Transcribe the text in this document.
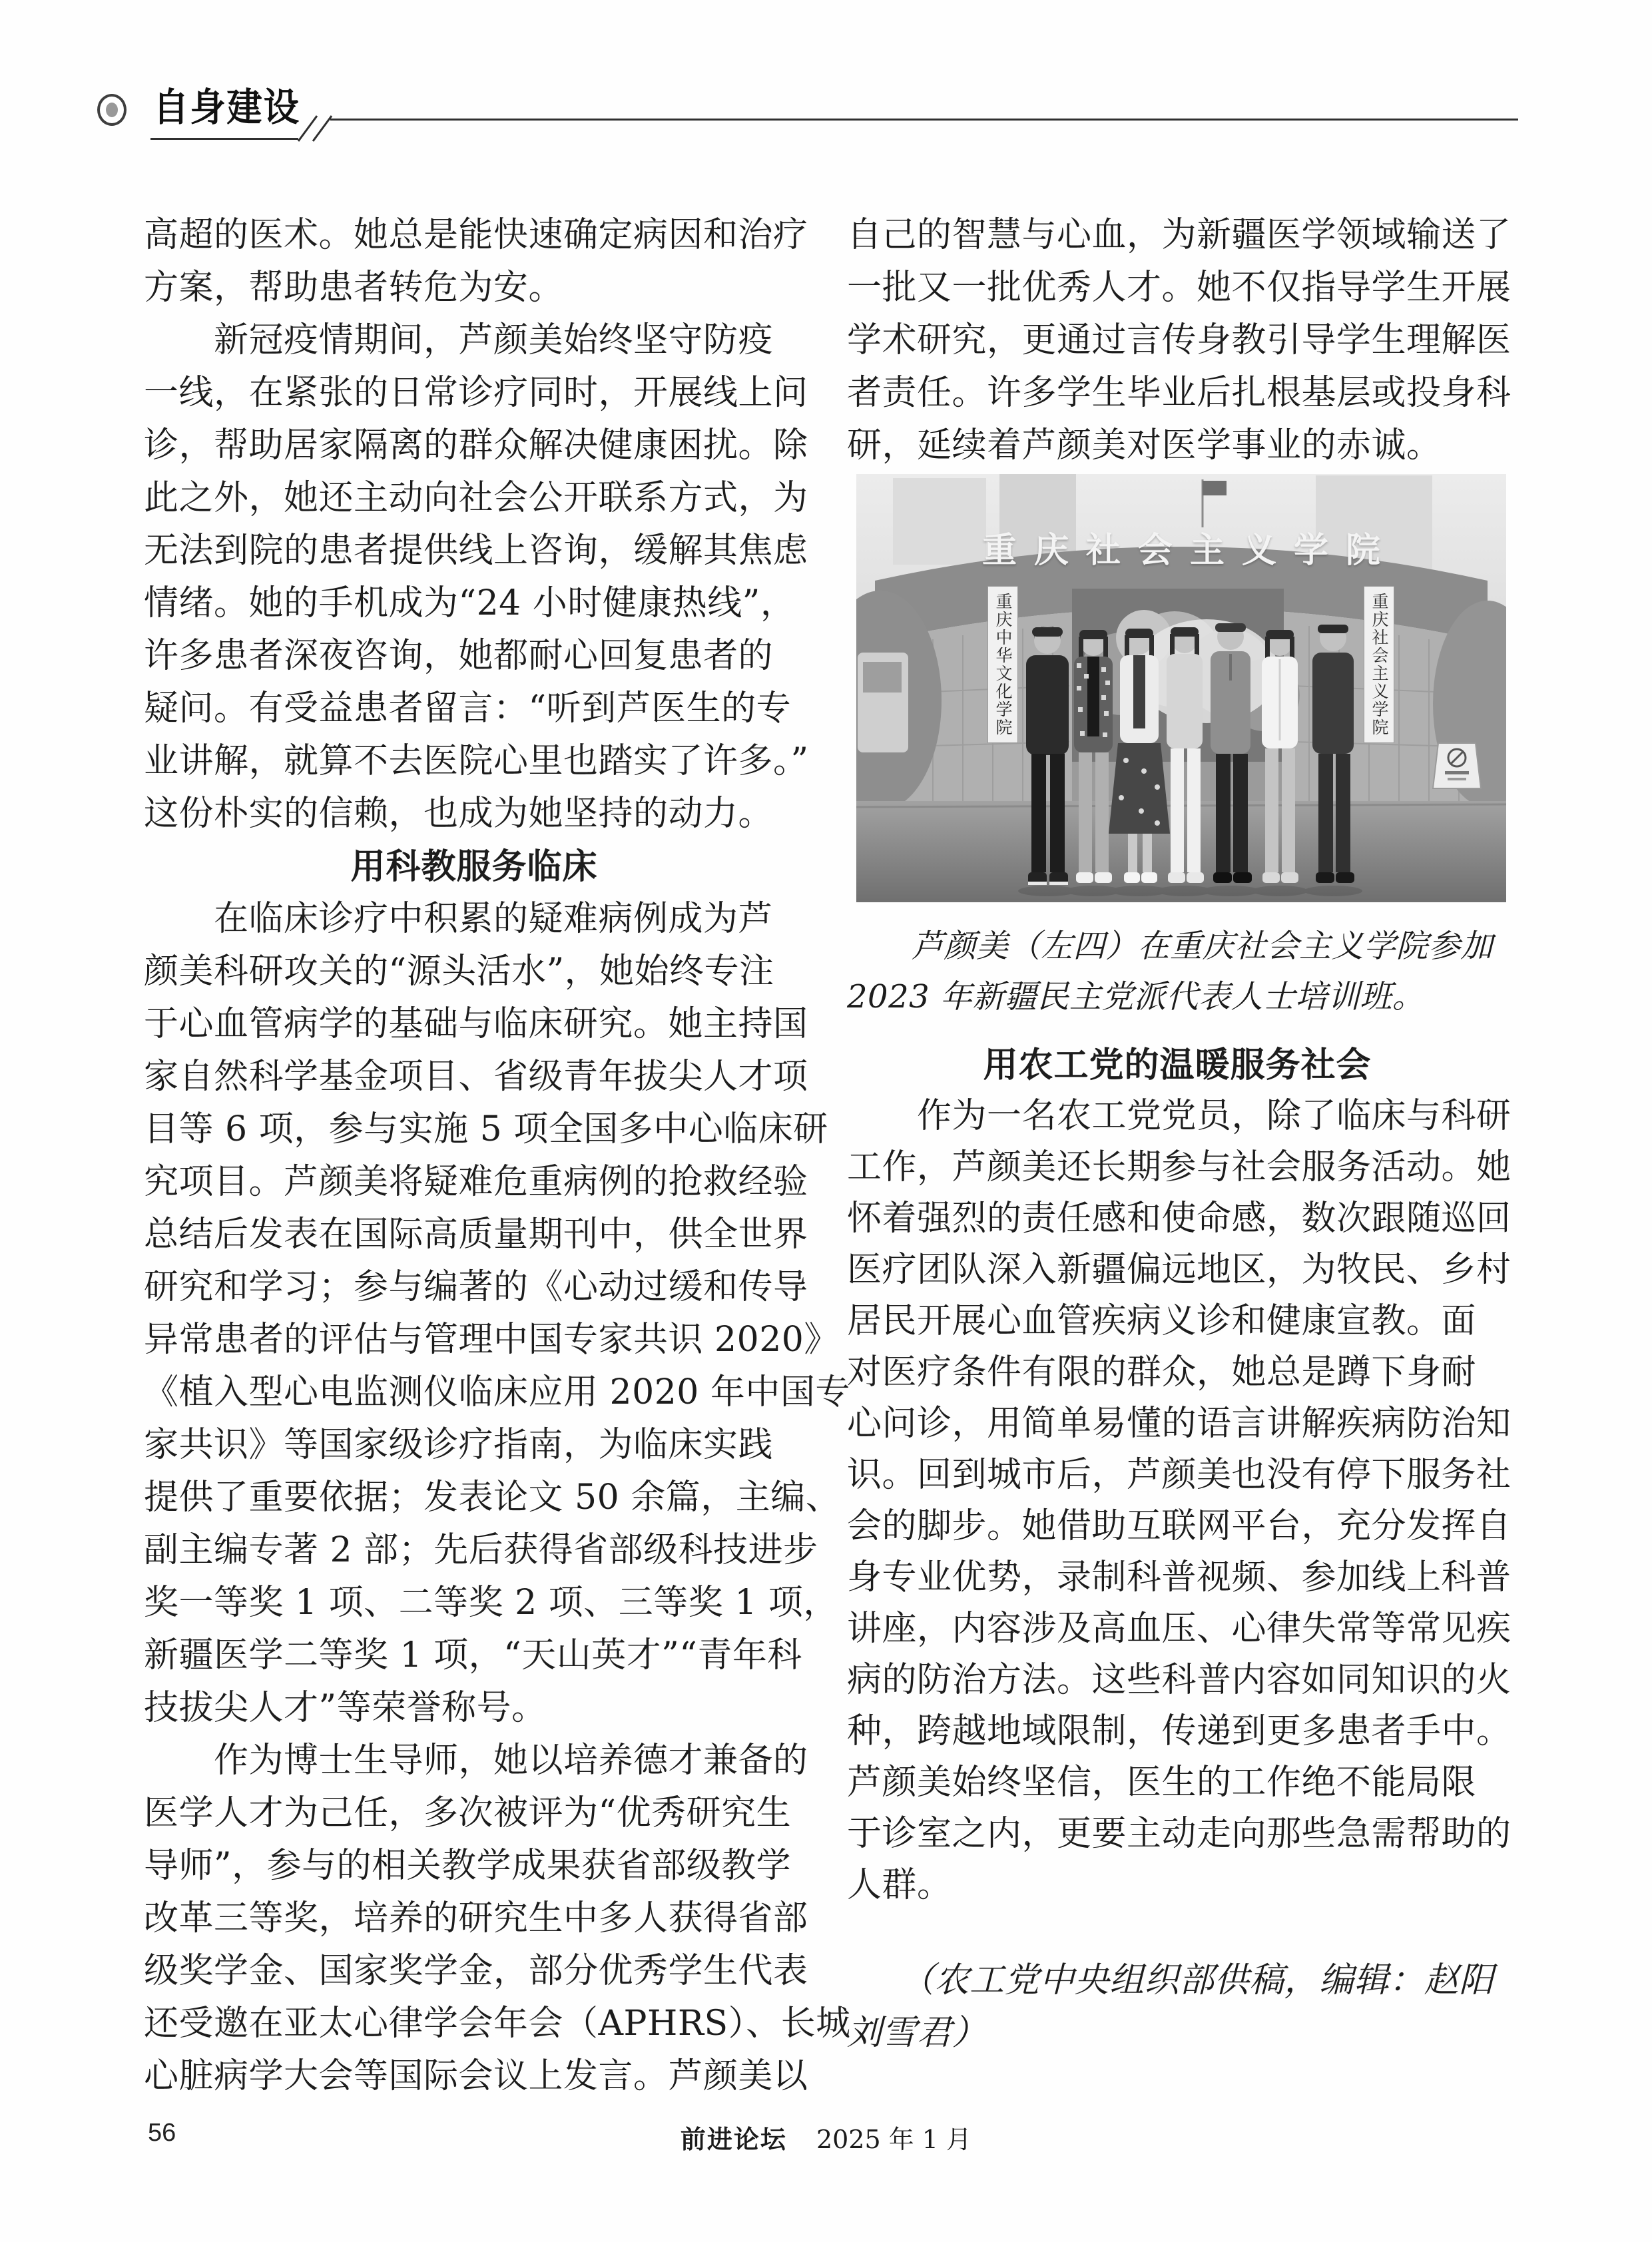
自身建设
高超的医术。她总是能快速确定病因和治疗
方案，帮助患者转危为安。
　　新冠疫情期间，芦颜美始终坚守防疫
一线，在紧张的日常诊疗同时，开展线上问
诊，帮助居家隔离的群众解决健康困扰。除
此之外，她还主动向社会公开联系方式，为
无法到院的患者提供线上咨询，缓解其焦虑
情绪。她的手机成为“24 小时健康热线”，
许多患者深夜咨询，她都耐心回复患者的
疑问。有受益患者留言：“听到芦医生的专
业讲解，就算不去医院心里也踏实了许多。”
这份朴实的信赖，也成为她坚持的动力。
用科教服务临床
　　在临床诊疗中积累的疑难病例成为芦
颜美科研攻关的“源头活水”，她始终专注
于心血管病学的基础与临床研究。她主持国
家自然科学基金项目、省级青年拔尖人才项
目等 6 项，参与实施 5 项全国多中心临床研
究项目。芦颜美将疑难危重病例的抢救经验
总结后发表在国际高质量期刊中，供全世界
研究和学习；参与编著的《心动过缓和传导
异常患者的评估与管理中国专家共识 2020》
《植入型心电监测仪临床应用 2020 年中国专
家共识》等国家级诊疗指南，为临床实践
提供了重要依据；发表论文 50 余篇，主编、
副主编专著 2 部；先后获得省部级科技进步
奖一等奖 1 项、二等奖 2 项、三等奖 1 项，
新疆医学二等奖 1 项，“天山英才”“青年科
技拔尖人才”等荣誉称号。
　　作为博士生导师，她以培养德才兼备的
医学人才为己任，多次被评为“优秀研究生
导师”，参与的相关教学成果获省部级教学
改革三等奖，培养的研究生中多人获得省部
级奖学金、国家奖学金，部分优秀学生代表
还受邀在亚太心律学会年会（APHRS）、长城
心脏病学大会等国际会议上发言。芦颜美以
自己的智慧与心血，为新疆医学领域输送了
一批又一批优秀人才。她不仅指导学生开展
学术研究，更通过言传身教引导学生理解医
者责任。许多学生毕业后扎根基层或投身科
研，延续着芦颜美对医学事业的赤诚。
重庆社会主义学院
重庆中华文化学院	重庆社会主义学院
　　芦颜美（左四）在重庆社会主义学院参加
2023 年新疆民主党派代表人士培训班。
用农工党的温暖服务社会
　　作为一名农工党党员，除了临床与科研
工作，芦颜美还长期参与社会服务活动。她
怀着强烈的责任感和使命感，数次跟随巡回
医疗团队深入新疆偏远地区，为牧民、乡村
居民开展心血管疾病义诊和健康宣教。面
对医疗条件有限的群众，她总是蹲下身耐
心问诊，用简单易懂的语言讲解疾病防治知
识。回到城市后，芦颜美也没有停下服务社
会的脚步。她借助互联网平台，充分发挥自
身专业优势，录制科普视频、参加线上科普
讲座，内容涉及高血压、心律失常等常见疾
病的防治方法。这些科普内容如同知识的火
种，跨越地域限制，传递到更多患者手中。
芦颜美始终坚信，医生的工作绝不能局限
于诊室之内，更要主动走向那些急需帮助的
人群。
　　（农工党中央组织部供稿，编辑：赵阳
刘雪君）
56	前进论坛 2025 年 1 月
